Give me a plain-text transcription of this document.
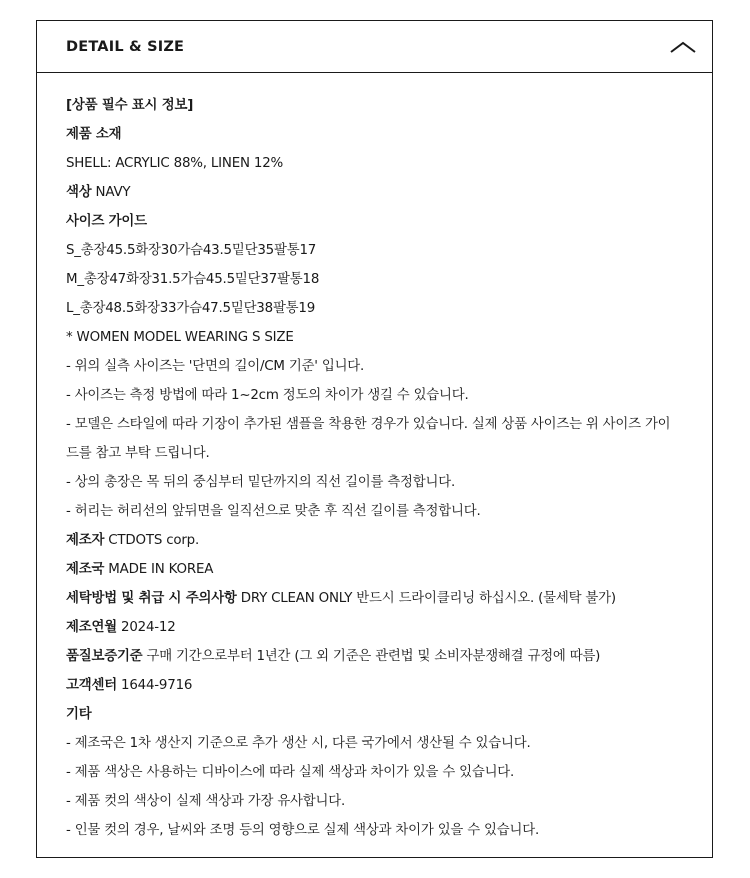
DETAIL & SIZE
[상품 필수 표시 정보]
제품 소재
SHELL: ACRYLIC 88%, LINEN 12%
색상 NAVY
사이즈 가이드
S_총장45.5화장30가슴43.5밑단35팔통17
M_총장47화장31.5가슴45.5밑단37팔통18
L_총장48.5화장33가슴47.5밑단38팔통19
* WOMEN MODEL WEARING S SIZE
- 위의 실측 사이즈는 '단면의 길이/CM 기준' 입니다.
- 사이즈는 측정 방법에 따라 1~2cm 정도의 차이가 생길 수 있습니다.
- 모델은 스타일에 따라 기장이 추가된 샘플을 착용한 경우가 있습니다. 실제 상품 사이즈는 위 사이즈 가이드를 참고 부탁 드립니다.
- 상의 총장은 목 뒤의 중심부터 밑단까지의 직선 길이를 측정합니다.
- 허리는 허리선의 앞뒤면을 일직선으로 맞춘 후 직선 길이를 측정합니다.
제조자 CTDOTS corp.
제조국 MADE IN KOREA
세탁방법 및 취급 시 주의사항 DRY CLEAN ONLY 반드시 드라이클리닝 하십시오. (물세탁 불가)
제조연월 2024-12
품질보증기준 구매 기간으로부터 1년간 (그 외 기준은 관련법 및 소비자분쟁해결 규정에 따름)
고객센터 1644-9716
기타
- 제조국은 1차 생산지 기준으로 추가 생산 시, 다른 국가에서 생산될 수 있습니다.
- 제품 색상은 사용하는 디바이스에 따라 실제 색상과 차이가 있을 수 있습니다.
- 제품 컷의 색상이 실제 색상과 가장 유사합니다.
- 인물 컷의 경우, 날씨와 조명 등의 영향으로 실제 색상과 차이가 있을 수 있습니다.
